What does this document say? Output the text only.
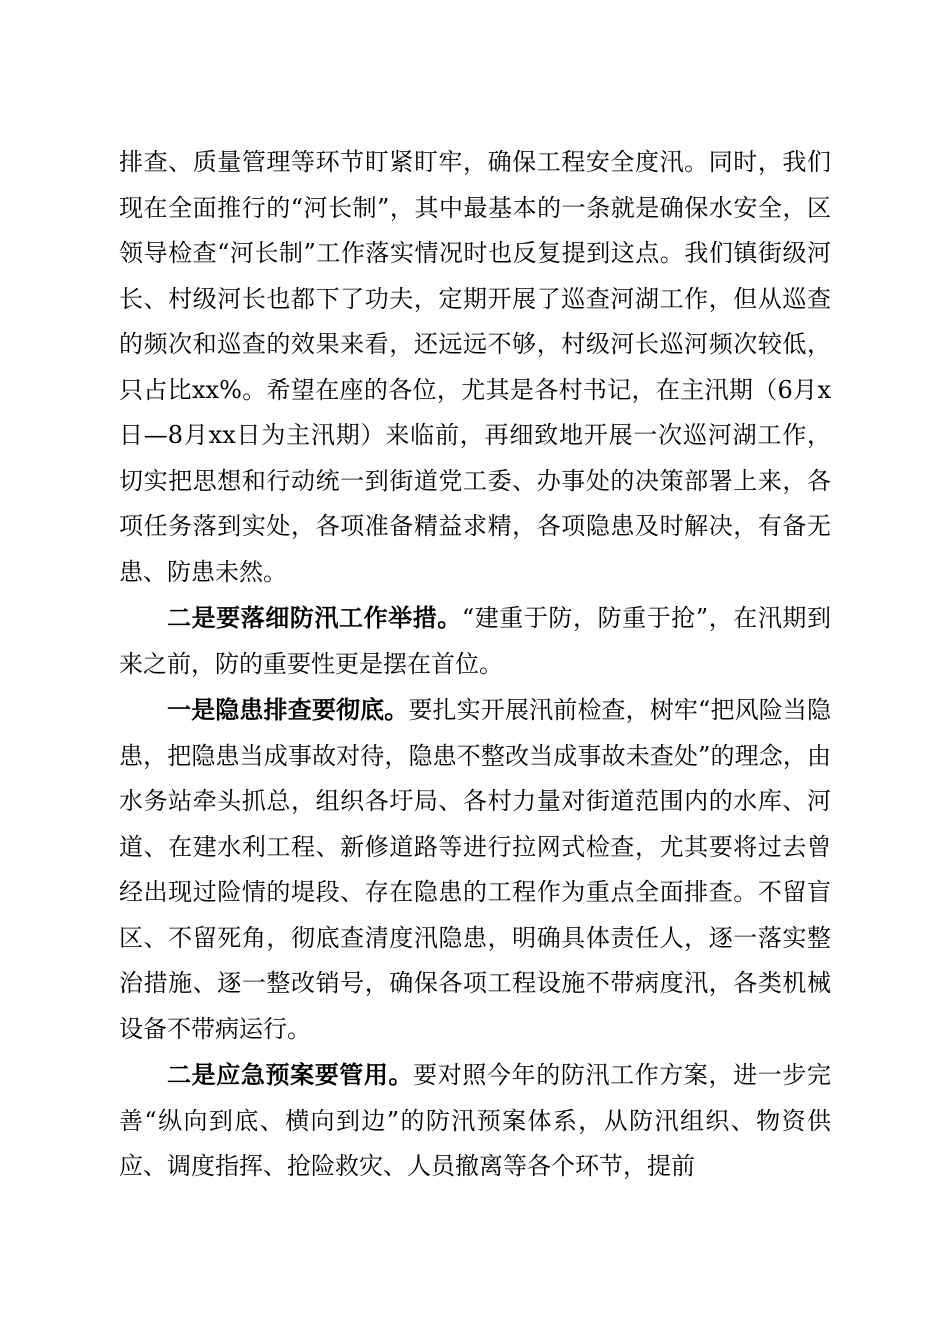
排查、质量管理等环节盯紧盯牢，确保工程安全度汛。同时，我们现在全面推行的“河长制”，其中最基本的一条就是确保水安全，区领导检查“河长制”工作落实情况时也反复提到这点。我们镇街级河长、村级河长也都下了功夫，定期开展了巡查河湖工作，但从巡查的频次和巡查的效果来看，还远远不够，村级河长巡河频次较低，只占比xx%。希望在座的各位，尤其是各村书记，在主汛期（6月x日—8月xx日为主汛期）来临前，再细致地开展一次巡河湖工作，切实把思想和行动统一到街道党工委、办事处的决策部署上来，各项任务落到实处，各项准备精益求精，各项隐患及时解决，有备无患、防患未然。

二是要落细防汛工作举措。“建重于防，防重于抢”，在汛期到来之前，防的重要性更是摆在首位。

一是隐患排查要彻底。要扎实开展汛前检查，树牢“把风险当隐患，把隐患当成事故对待，隐患不整改当成事故未查处”的理念，由水务站牵头抓总，组织各圩局、各村力量对街道范围内的水库、河道、在建水利工程、新修道路等进行拉网式检查，尤其要将过去曾经出现过险情的堤段、存在隐患的工程作为重点全面排查。不留盲区、不留死角，彻底查清度汛隐患，明确具体责任人，逐一落实整治措施、逐一整改销号，确保各项工程设施不带病度汛，各类机械设备不带病运行。

二是应急预案要管用。要对照今年的防汛工作方案，进一步完善“纵向到底、横向到边”的防汛预案体系，从防汛组织、物资供应、调度指挥、抢险救灾、人员撤离等各个环节，提前
